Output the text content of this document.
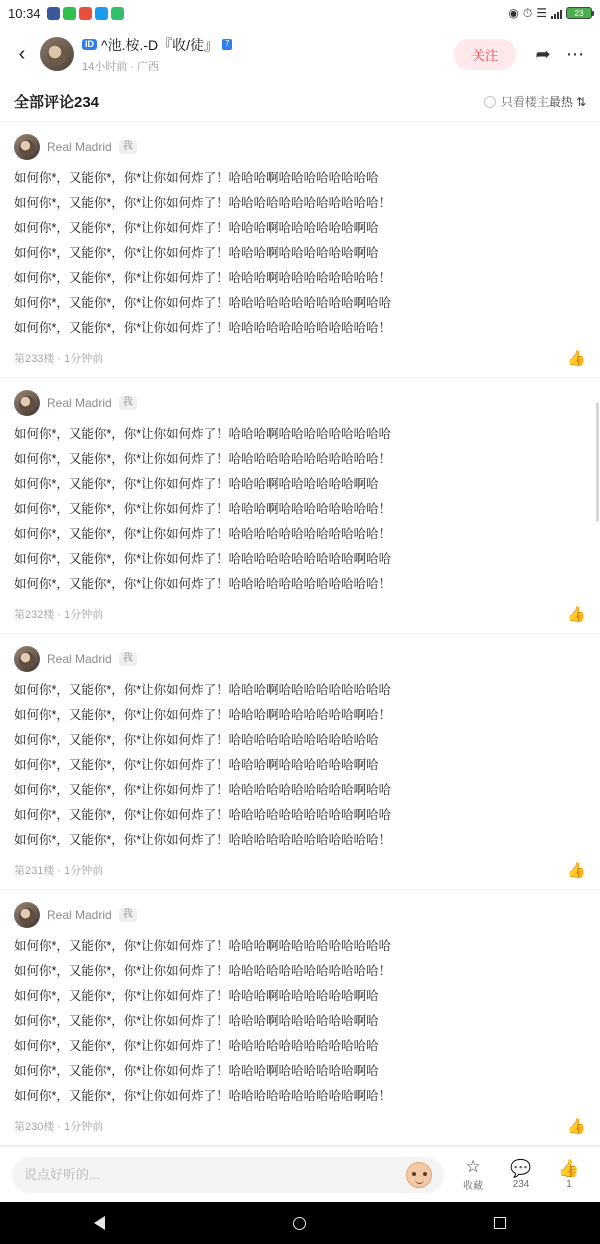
10:34	◉ ⏱ ☰	23
‹	ID ^池.桉.-D『收/徒』 7
14小时前 · 广西
关注	➦ ⋯
全部评论234	只看楼主 最热 ⇅
Real Madrid	我
如何你*，又能你*，你*让你如何炸了！哈哈哈啊哈哈哈哈哈哈哈哈
如何你*，又能你*，你*让你如何炸了！哈哈哈哈哈哈哈哈哈哈哈哈！
如何你*，又能你*，你*让你如何炸了！哈哈哈啊哈哈哈哈哈哈啊哈
如何你*，又能你*，你*让你如何炸了！哈哈哈啊哈哈哈哈哈哈啊哈
如何你*，又能你*，你*让你如何炸了！哈哈哈啊哈哈哈哈哈哈哈哈！
如何你*，又能你*，你*让你如何炸了！哈哈哈哈哈哈哈哈哈哈啊哈哈
如何你*，又能你*，你*让你如何炸了！哈哈哈哈哈哈哈哈哈哈哈哈！
第233楼 · 1分钟前	👍
Real Madrid	我
如何你*，又能你*，你*让你如何炸了！哈哈哈啊哈哈哈哈哈哈哈哈哈
如何你*，又能你*，你*让你如何炸了！哈哈哈哈哈哈哈哈哈哈哈哈！
如何你*，又能你*，你*让你如何炸了！哈哈哈啊哈哈哈哈哈哈啊哈
如何你*，又能你*，你*让你如何炸了！哈哈哈啊哈哈哈哈哈哈哈哈！
如何你*，又能你*，你*让你如何炸了！哈哈哈哈哈哈哈哈哈哈哈哈！
如何你*，又能你*，你*让你如何炸了！哈哈哈哈哈哈哈哈哈哈啊哈哈
如何你*，又能你*，你*让你如何炸了！哈哈哈哈哈哈哈哈哈哈哈哈！
第232楼 · 1分钟前	👍
Real Madrid	我
如何你*，又能你*，你*让你如何炸了！哈哈哈啊哈哈哈哈哈哈哈哈哈
如何你*，又能你*，你*让你如何炸了！哈哈哈啊哈哈哈哈哈哈啊哈！
如何你*，又能你*，你*让你如何炸了！哈哈哈哈哈哈哈哈哈哈哈哈
如何你*，又能你*，你*让你如何炸了！哈哈哈啊哈哈哈哈哈哈啊哈
如何你*，又能你*，你*让你如何炸了！哈哈哈哈哈哈哈哈哈哈啊哈哈
如何你*，又能你*，你*让你如何炸了！哈哈哈哈哈哈哈哈哈哈啊哈哈
如何你*，又能你*，你*让你如何炸了！哈哈哈哈哈哈哈哈哈哈哈哈！
第231楼 · 1分钟前	👍
Real Madrid	我
如何你*，又能你*，你*让你如何炸了！哈哈哈啊哈哈哈哈哈哈哈哈哈
如何你*，又能你*，你*让你如何炸了！哈哈哈哈哈哈哈哈哈哈哈哈！
如何你*，又能你*，你*让你如何炸了！哈哈哈啊哈哈哈哈哈哈啊哈
如何你*，又能你*，你*让你如何炸了！哈哈哈啊哈哈哈哈哈哈啊哈
如何你*，又能你*，你*让你如何炸了！哈哈哈哈哈哈哈哈哈哈哈哈
如何你*，又能你*，你*让你如何炸了！哈哈哈啊哈哈哈哈哈哈啊哈
如何你*，又能你*，你*让你如何炸了！哈哈哈哈哈哈哈哈哈哈啊哈！
第230楼 · 1分钟前	👍
说点好听的...
☆
收藏
💬
234
👍
1
